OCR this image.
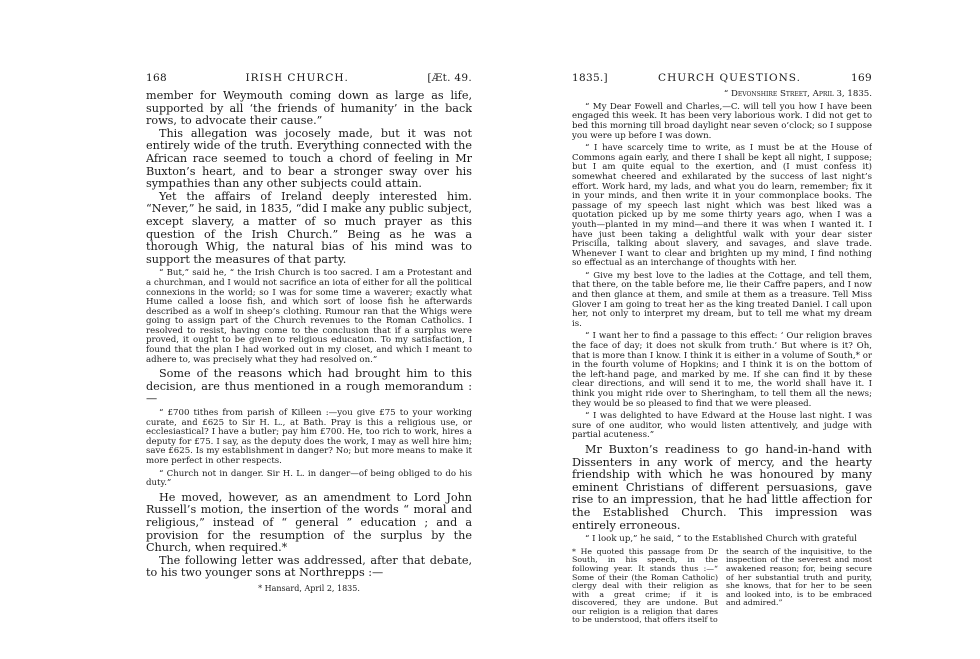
168	IRISH CHURCH.	[Æt. 49.

member for Weymouth coming down as large as life, supported by all ‘the friends of humanity’ in the back rows, to advocate their cause.”

This allegation was jocosely made, but it was not entirely wide of the truth. Everything connected with the African race seemed to touch a chord of feeling in Mr Buxton’s heart, and to bear a stronger sway over his sympathies than any other subjects could attain.

Yet the affairs of Ireland deeply interested him. “Never,” he said, in 1835, “did I make any public subject, except slavery, a matter of so much prayer as this question of the Irish Church.” Being as he was a thorough Whig, the natural bias of his mind was to support the measures of that party.

“ But,” said he, “ the Irish Church is too sacred. I am a Protestant and a churchman, and I would not sacrifice an iota of either for all the political connexions in the world; so I was for some time a waverer; exactly what Hume called a loose fish, and which sort of loose fish he afterwards described as a wolf in sheep’s clothing. Rumour ran that the Whigs were going to assign part of the Church revenues to the Roman Catholics. I resolved to resist, having come to the conclusion that if a surplus were proved, it ought to be given to religious education. To my satisfaction, I found that the plan I had worked out in my closet, and which I meant to adhere to, was precisely what they had resolved on.”

Some of the reasons which had brought him to this decision, are thus mentioned in a rough memorandum :—

“ £700 tithes from parish of Killeen :—you give £75 to your working curate, and £625 to Sir H. L., at Bath. Pray is this a religious use, or ecclesiastical? I have a butler; pay him £700. He, too rich to work, hires a deputy for £75. I say, as the deputy does the work, I may as well hire him; save £625. Is my establishment in danger? No; but more means to make it more perfect in other respects.

“ Church not in danger. Sir H. L. in danger—of being obliged to do his duty.”

He moved, however, as an amendment to Lord John Russell’s motion, the insertion of the words “ moral and religious,” instead of “ general ” education ; and a provision for the resumption of the surplus by the Church, when required.*

The following letter was addressed, after that debate, to his two younger sons at Northrepps :—

* Hansard, April 2, 1835.
1835.]	CHURCH QUESTIONS.	169
“ Devonshire Street, April 3, 1835.

“ My Dear Fowell and Charles,—C. will tell you how I have been engaged this week. It has been very laborious work. I did not get to bed this morning till broad daylight near seven o’clock; so I suppose you were up before I was down.

“ I have scarcely time to write, as I must be at the House of Commons again early, and there I shall be kept all night, I suppose; but I am quite equal to the exertion, and (I must confess it) somewhat cheered and exhilarated by the success of last night’s effort. Work hard, my lads, and what you do learn, remember; fix it in your minds, and then write it in your commonplace books. The passage of my speech last night which was best liked was a quotation picked up by me some thirty years ago, when I was a youth—planted in my mind—and there it was when I wanted it. I have just been taking a delightful walk with your dear sister Priscilla, talking about slavery, and savages, and slave trade. Whenever I want to clear and brighten up my mind, I find nothing so effectual as an interchange of thoughts with her.

“ Give my best love to the ladies at the Cottage, and tell them, that there, on the table before me, lie their Caffre papers, and I now and then glance at them, and smile at them as a treasure. Tell Miss Glover I am going to treat her as the king treated Daniel. I call upon her, not only to interpret my dream, but to tell me what my dream is.

“ I want her to find a passage to this effect: ‘ Our religion braves the face of day; it does not skulk from truth.’ But where is it? Oh, that is more than I know. I think it is either in a volume of South,* or in the fourth volume of Hopkins; and I think it is on the bottom of the left-hand page, and marked by me. If she can find it by these clear directions, and will send it to me, the world shall have it. I think you might ride over to Sheringham, to tell them all the news; they would be so pleased to find that we were pleased.

“ I was delighted to have Edward at the House last night. I was sure of one auditor, who would listen attentively, and judge with partial acuteness.”

Mr Buxton’s readiness to go hand-in-hand with Dissenters in any work of mercy, and the hearty friendship with which he was honoured by many eminent Christians of different persuasions, gave rise to an impression, that he had little affection for the Established Church. This impression was entirely erroneous.

“ I look up,” he said, “ to the Established Church with grateful

* He quoted this passage from Dr South, in his speech, in the following year. It stands thus :—“ Some of their (the Roman Catholic) clergy deal with their religion as with a great crime; if it is discovered, they are undone. But our religion is a religion that dares to be understood, that offers itself to

the search of the inquisitive, to the inspection of the severest and most awakened reason; for, being secure of her substantial truth and purity, she knows, that for her to be seen and looked into, is to be embraced and admired.”
